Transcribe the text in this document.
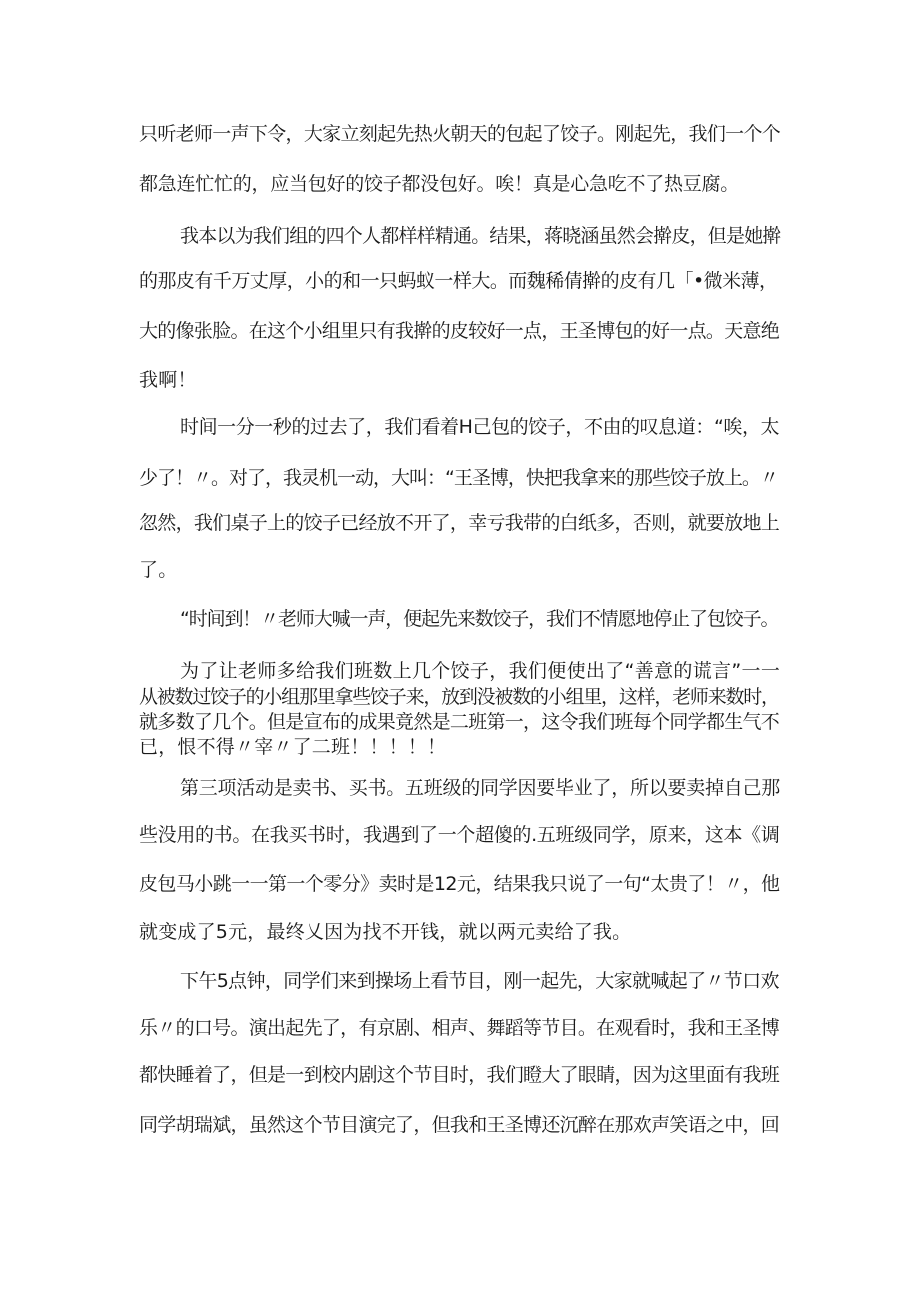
只听老师一声下令，大家立刻起先热火朝天的包起了饺子。刚起先，我们一个个
都急连忙忙的，应当包好的饺子都没包好。唉！真是心急吃不了热豆腐。
我本以为我们组的四个人都样样精通。结果，蒋晓涵虽然会擀皮，但是她擀
的那皮有千万丈厚，小的和一只蚂蚁一样大。而魏稀倩擀的皮有几「•微米薄，
大的像张脸。在这个小组里只有我擀的皮较好一点，王圣博包的好一点。天意绝
我啊！
时间一分一秒的过去了，我们看着H己包的饺子，不由的叹息道：“唉，太
少了！〃。对了，我灵机一动，大叫：“王圣博，快把我拿来的那些饺子放上。〃
忽然，我们桌子上的饺子已经放不开了，幸亏我带的白纸多，否则，就要放地上
了。
“时间到！〃老师大喊一声，便起先来数饺子，我们不情愿地停止了包饺子。
为了让老师多给我们班数上几个饺子，我们便使出了“善意的谎言”一一
从被数过饺子的小组那里拿些饺子来，放到没被数的小组里，这样，老师来数时，
就多数了几个。但是宣布的成果竟然是二班第一，这令我们班每个同学都生气不
已，恨不得〃宰〃了二班！！！！！
第三项活动是卖书、买书。五班级的同学因要毕业了，所以要卖掉自己那
些没用的书。在我买书时，我遇到了一个超傻的.五班级同学，原来，这本《调
皮包马小跳一一第一个零分》卖时是12元，结果我只说了一句“太贵了！〃，他
就变成了5元，最终乂因为找不开钱，就以两元卖给了我。
下午5点钟，同学们来到操场上看节目，刚一起先，大家就喊起了〃节口欢
乐〃的口号。演出起先了，有京剧、相声、舞蹈等节目。在观看时，我和王圣博
都快睡着了，但是一到校内剧这个节目时，我们瞪大了眼睛，因为这里面有我班
同学胡瑞斌，虽然这个节目演完了，但我和王圣博还沉醉在那欢声笑语之中，回
